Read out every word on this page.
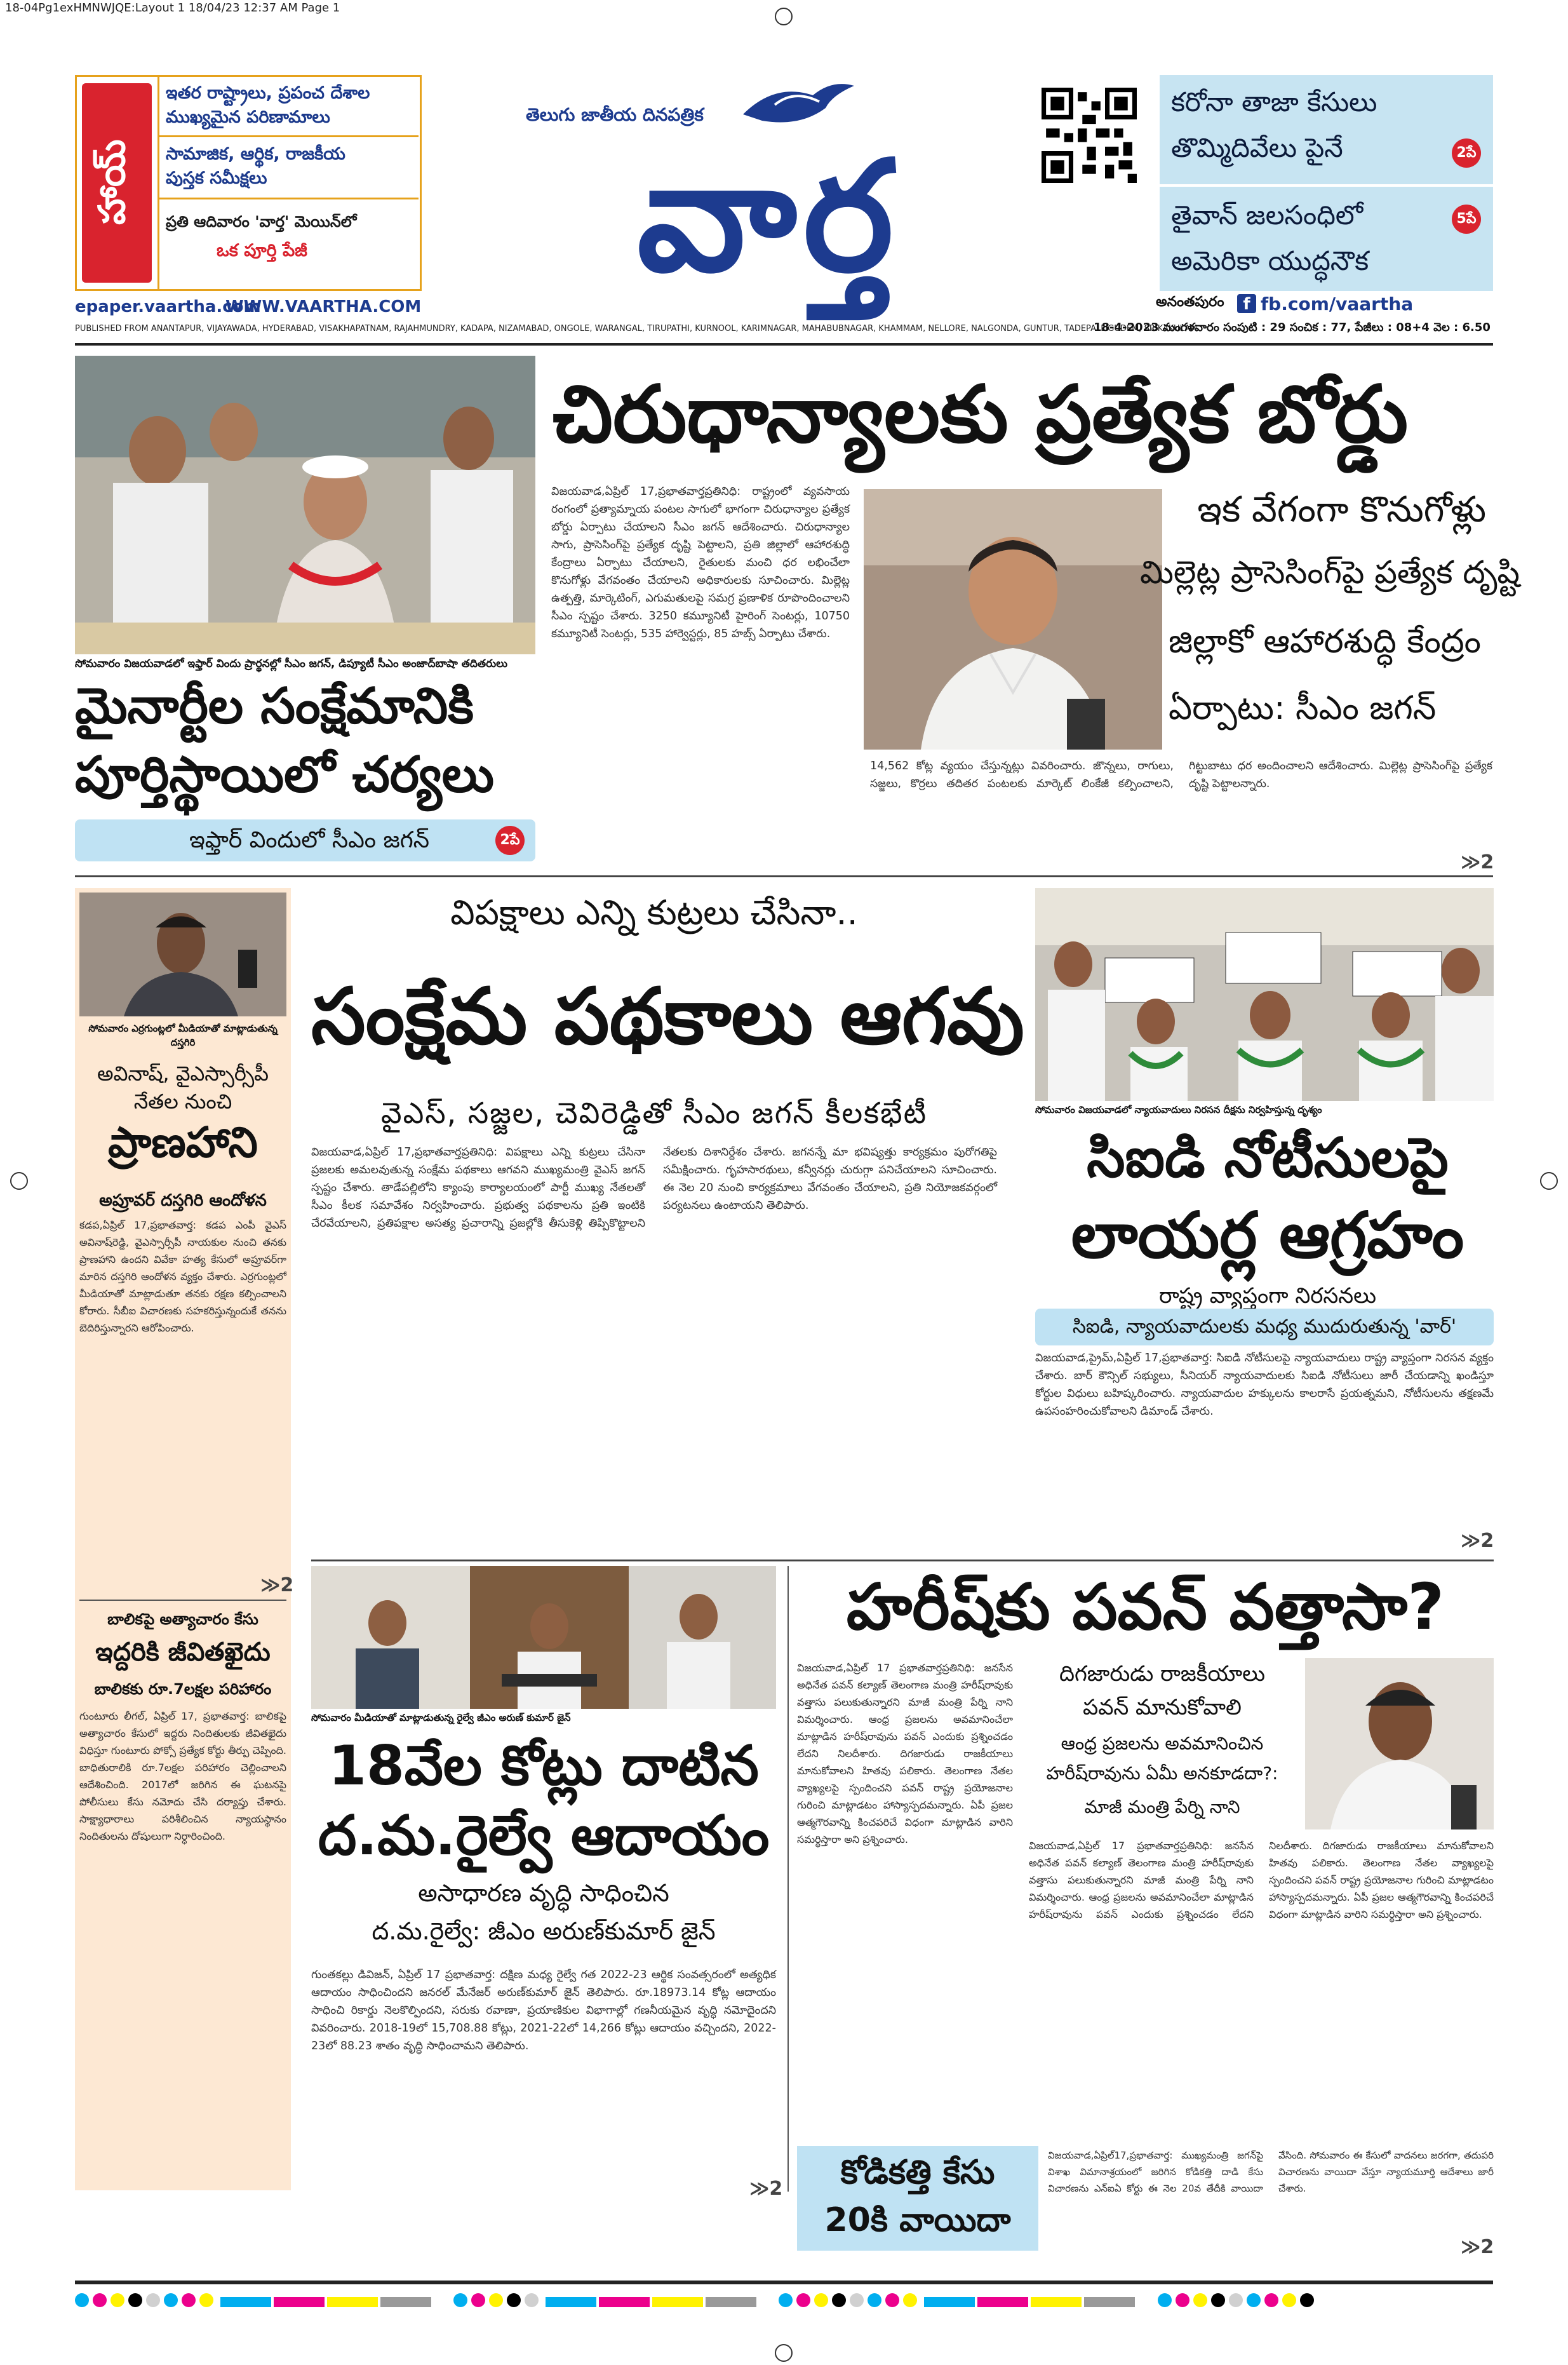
18-04Pg1exHMNWJQE:Layout 1 18/04/23 12:37 AM Page 1
హాయ్
ఇతర రాష్ట్రాలు, ప్రపంచ దేశాల
ముఖ్యమైన పరిణామాలు
సామాజిక, ఆర్థిక, రాజకీయ
పుస్తక సమీక్షలు
ప్రతి ఆదివారం 'వార్త' మెయిన్‌లో
ఒక పూర్తి పేజీ
epaper.vaartha.com
WWW.VAARTHA.COM
తెలుగు జాతీయ దినపత్రిక
వార్త	అనంతపురం	f fb.com/vaartha
కరోనా తాజా కేసులు
తొమ్మిదివేలు పైనే	2పే
తైవాన్ జలసంధిలో
అమెరికా యుద్ధనౌక
5పే
PUBLISHED FROM ANANTAPUR, VIJAYAWADA, HYDERABAD, VISAKHAPATNAM, RAJAHMUNDRY, KADAPA, NIZAMABAD, ONGOLE, WARANGAL, TIRUPATHI, KURNOOL, KARIMNAGAR, MAHABUBNAGAR, KHAMMAM, NELLORE, NALGONDA, GUNTUR, TADEPALLIGUDEM, SRIKAKULAM
18-4-2023 మంగళవారం సంపుటి : 29 సంచిక : 77, పేజీలు : 08+4 వెల : 6.50
చిరుధాన్యాలకు ప్రత్యేక బోర్డు
ఇక వేగంగా కొనుగోళ్లు
మిల్లెట్ల ప్రాసెసింగ్‌పై ప్రత్యేక దృష్టి
జిల్లాకో ఆహారశుద్ధి కేంద్రం
ఏర్పాటు: సీఎం జగన్
విజయవాడ,ఏప్రిల్ 17,ప్రభాతవార్తప్రతినిధి: రాష్ట్రంలో వ్యవసాయ రంగంలో ప్రత్యామ్నాయ పంటల సాగులో భాగంగా చిరుధాన్యాల ప్రత్యేక బోర్డు ఏర్పాటు చేయాలని సీఎం జగన్ ఆదేశించారు. చిరుధాన్యాల సాగు, ప్రాసెసింగ్‌పై ప్రత్యేక దృష్టి పెట్టాలని, ప్రతి జిల్లాలో ఆహారశుద్ధి కేంద్రాలు ఏర్పాటు చేయాలని, రైతులకు మంచి ధర లభించేలా కొనుగోళ్లు వేగవంతం చేయాలని అధికారులకు సూచించారు. మిల్లెట్ల ఉత్పత్తి, మార్కెటింగ్, ఎగుమతులపై సమగ్ర ప్రణాళిక రూపొందించాలని సీఎం స్పష్టం చేశారు. 3250 కమ్యూనిటీ హైరింగ్ సెంటర్లు, 10750 కమ్యూనిటీ సెంటర్లు, 535 హార్వెస్టర్లు, 85 హబ్స్ ఏర్పాటు చేశారు.
14,562 కోట్ల వ్యయం చేస్తున్నట్లు వివరించారు. జొన్నలు, రాగులు, సజ్జలు, కొర్రలు తదితర పంటలకు మార్కెట్ లింకేజీ కల్పించాలని, గిట్టుబాటు ధర అందించాలని ఆదేశించారు. మిల్లెట్ల ప్రాసెసింగ్‌పై ప్రత్యేక దృష్టి పెట్టాలన్నారు.
≫2
సోమవారం విజయవాడలో ఇఫ్తార్ విందు ప్రార్థనల్లో సీఎం జగన్, డిప్యూటీ సీఎం అంజాద్‌బాషా తదితరులు
మైనార్టీల సంక్షేమానికి
పూర్తిస్థాయిలో చర్యలు
ఇఫ్తార్ విందులో సీఎం జగన్	2పే
సోమవారం ఎర్రగుంట్లలో మీడియాతో మాట్లాడుతున్న దస్తగిరి
అవినాష్, వైఎస్సార్సీపీ నేతల నుంచి
ప్రాణహాని
అప్రూవర్ దస్తగిరి ఆందోళన
కడప,ఏప్రిల్ 17,ప్రభాతవార్త: కడప ఎంపీ వైఎస్ అవినాష్‌రెడ్డి, వైఎస్సార్సీపీ నాయకుల నుంచి తనకు ప్రాణహాని ఉందని వివేకా హత్య కేసులో అప్రూవర్‌గా మారిన దస్తగిరి ఆందోళన వ్యక్తం చేశారు. ఎర్రగుంట్లలో మీడియాతో మాట్లాడుతూ తనకు రక్షణ కల్పించాలని కోరారు. సీబీఐ విచారణకు సహకరిస్తున్నందుకే తనను బెదిరిస్తున్నారని ఆరోపించారు.
≫2
బాలికపై అత్యాచారం కేసు
ఇద్దరికి జీవితఖైదు
బాలికకు రూ.7లక్షల పరిహారం
గుంటూరు లీగల్, ఏప్రిల్ 17, ప్రభాతవార్త: బాలికపై అత్యాచారం కేసులో ఇద్దరు నిందితులకు జీవితఖైదు విధిస్తూ గుంటూరు పోక్సో ప్రత్యేక కోర్టు తీర్పు చెప్పింది. బాధితురాలికి రూ.7లక్షల పరిహారం చెల్లించాలని ఆదేశించింది. 2017లో జరిగిన ఈ ఘటనపై పోలీసులు కేసు నమోదు చేసి దర్యాప్తు చేశారు. సాక్ష్యాధారాలు పరిశీలించిన న్యాయస్థానం నిందితులను దోషులుగా నిర్ధారించింది.
విపక్షాలు ఎన్ని కుట్రలు చేసినా..
సంక్షేమ పథకాలు ఆగవు
వైఎస్, సజ్జల, చెవిరెడ్డితో సీఎం జగన్ కీలకభేటీ
విజయవాడ,ఏప్రిల్ 17,ప్రభాతవార్తప్రతినిధి: విపక్షాలు ఎన్ని కుట్రలు చేసినా ప్రజలకు అమలవుతున్న సంక్షేమ పథకాలు ఆగవని ముఖ్యమంత్రి వైఎస్ జగన్ స్పష్టం చేశారు. తాడేపల్లిలోని క్యాంపు కార్యాలయంలో పార్టీ ముఖ్య నేతలతో సీఎం కీలక సమావేశం నిర్వహించారు. ప్రభుత్వ పథకాలను ప్రతి ఇంటికి చేరవేయాలని, ప్రతిపక్షాల అసత్య ప్రచారాన్ని ప్రజల్లోకి తీసుకెళ్లి తిప్పికొట్టాలని నేతలకు దిశానిర్దేశం చేశారు. జగనన్నే మా భవిష్యత్తు కార్యక్రమం పురోగతిపై సమీక్షించారు. గృహసారథులు, కన్వీనర్లు చురుగ్గా పనిచేయాలని సూచించారు. ఈ నెల 20 నుంచి కార్యక్రమాలు వేగవంతం చేయాలని, ప్రతి నియోజకవర్గంలో పర్యటనలు ఉంటాయని తెలిపారు.
సోమవారం విజయవాడలో న్యాయవాదులు నిరసన దీక్షను నిర్వహిస్తున్న దృశ్యం
సిఐడి నోటీసులపై
లాయర్ల ఆగ్రహం
రాష్ట్ర వ్యాప్తంగా నిరసనలు
సిఐడి, న్యాయవాదులకు మధ్య ముదురుతున్న 'వార్'
విజయవాడ,ప్రైమ్,ఏప్రిల్ 17,ప్రభాతవార్త: సిఐడి నోటీసులపై న్యాయవాదులు రాష్ట్ర వ్యాప్తంగా నిరసన వ్యక్తం చేశారు. బార్ కౌన్సిల్ సభ్యులు, సీనియర్ న్యాయవాదులకు సిఐడి నోటీసులు జారీ చేయడాన్ని ఖండిస్తూ కోర్టుల విధులు బహిష్కరించారు. న్యాయవాదుల హక్కులను కాలరాసే ప్రయత్నమని, నోటీసులను తక్షణమే ఉపసంహరించుకోవాలని డిమాండ్ చేశారు.
≫2
సోమవారం మీడియాతో మాట్లాడుతున్న రైల్వే జీఎం అరుణ్ కుమార్ జైన్
18వేల కోట్లు దాటిన
ద.మ.రైల్వే ఆదాయం
అసాధారణ వృద్ధి సాధించిన
ద.మ.రైల్వే: జీఎం అరుణ్‌కుమార్ జైన్
గుంతకల్లు డివిజన్, ఏప్రిల్ 17 ప్రభాతవార్త: దక్షిణ మధ్య రైల్వే గత 2022-23 ఆర్థిక సంవత్సరంలో అత్యధిక ఆదాయం సాధించిందని జనరల్ మేనేజర్ అరుణ్‌కుమార్ జైన్ తెలిపారు. రూ.18973.14 కోట్ల ఆదాయం సాధించి రికార్డు నెలకొల్పిందని, సరుకు రవాణా, ప్రయాణికుల విభాగాల్లో గణనీయమైన వృద్ధి నమోదైందని వివరించారు. 2018-19లో 15,708.88 కోట్లు, 2021-22లో 14,266 కోట్లు ఆదాయం వచ్చిందని, 2022-23లో 88.23 శాతం వృద్ధి సాధించామని తెలిపారు.
≫2
హరీష్‌కు పవన్ వత్తాసా?
విజయవాడ,ఏప్రిల్ 17 ప్రభాతవార్తప్రతినిధి: జనసేన అధినేత పవన్ కల్యాణ్ తెలంగాణ మంత్రి హరీష్‌రావుకు వత్తాసు పలుకుతున్నారని మాజీ మంత్రి పేర్ని నాని విమర్శించారు. ఆంధ్ర ప్రజలను అవమానించేలా మాట్లాడిన హరీష్‌రావును పవన్ ఎందుకు ప్రశ్నించడం లేదని నిలదీశారు. దిగజారుడు రాజకీయాలు మానుకోవాలని హితవు పలికారు. తెలంగాణ నేతల వ్యాఖ్యలపై స్పందించని పవన్ రాష్ట్ర ప్రయోజనాల గురించి మాట్లాడటం హాస్యాస్పదమన్నారు. ఏపీ ప్రజల ఆత్మగౌరవాన్ని కించపరిచే విధంగా మాట్లాడిన వారిని సమర్థిస్తారా అని ప్రశ్నించారు.
దిగజారుడు రాజకీయాలు
పవన్ మానుకోవాలి
ఆంధ్ర ప్రజలను అవమానించిన
హరీష్‌రావును ఏమీ అనకూడదా?:
మాజీ మంత్రి పేర్ని నాని
విజయవాడ,ఏప్రిల్ 17 ప్రభాతవార్తప్రతినిధి: జనసేన అధినేత పవన్ కల్యాణ్ తెలంగాణ మంత్రి హరీష్‌రావుకు వత్తాసు పలుకుతున్నారని మాజీ మంత్రి పేర్ని నాని విమర్శించారు. ఆంధ్ర ప్రజలను అవమానించేలా మాట్లాడిన హరీష్‌రావును పవన్ ఎందుకు ప్రశ్నించడం లేదని నిలదీశారు. దిగజారుడు రాజకీయాలు మానుకోవాలని హితవు పలికారు. తెలంగాణ నేతల వ్యాఖ్యలపై స్పందించని పవన్ రాష్ట్ర ప్రయోజనాల గురించి మాట్లాడటం హాస్యాస్పదమన్నారు. ఏపీ ప్రజల ఆత్మగౌరవాన్ని కించపరిచే విధంగా మాట్లాడిన వారిని సమర్థిస్తారా అని ప్రశ్నించారు.
కోడికత్తి కేసు
20కి వాయిదా
విజయవాడ,ఏప్రిల్17,ప్రభాతవార్త: ముఖ్యమంత్రి జగన్‌పై విశాఖ విమానాశ్రయంలో జరిగిన కోడికత్తి దాడి కేసు విచారణను ఎన్ఐఏ కోర్టు ఈ నెల 20వ తేదీకి వాయిదా వేసింది. సోమవారం ఈ కేసులో వాదనలు జరగగా, తదుపరి విచారణను వాయిదా వేస్తూ న్యాయమూర్తి ఆదేశాలు జారీ చేశారు.
≫2
